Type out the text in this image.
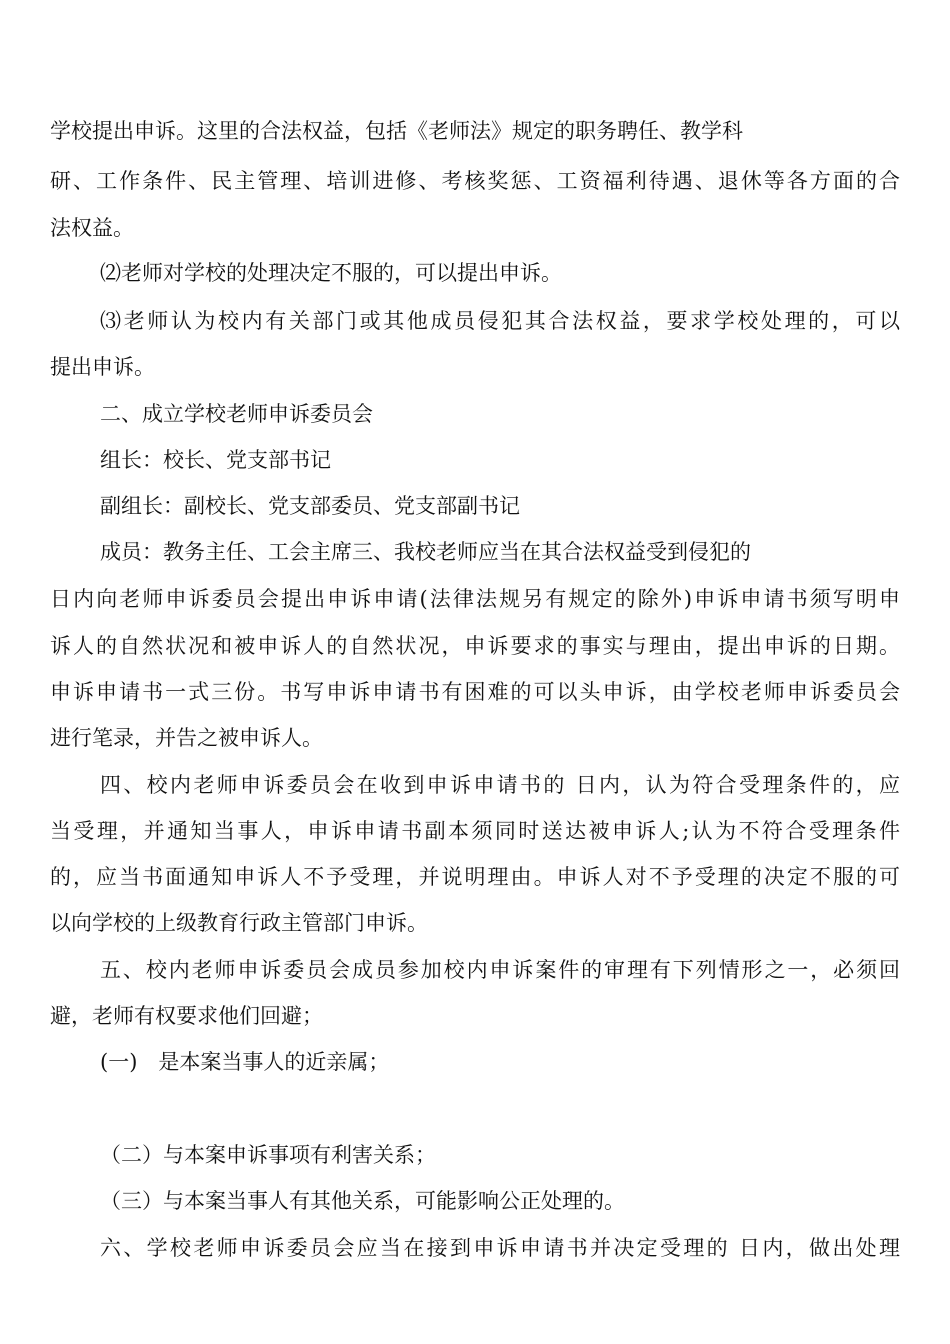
学校提出申诉。这里的合法权益，包括《老师法》规定的职务聘任、教学科
研、工作条件、民主管理、培训进修、考核奖惩、工资福利待遇、退休等各方面的合
法权益。
⑵老师对学校的处理决定不服的，可以提出申诉。
⑶老师认为校内有关部门或其他成员侵犯其合法权益，要求学校处理的，可以
提出申诉。
二、成立学校老师申诉委员会
组长：校长、党支部书记
副组长：副校长、党支部委员、党支部副书记
成员：教务主任、工会主席三、我校老师应当在其合法权益受到侵犯的
日内向老师申诉委员会提出申诉申请(法律法规另有规定的除外)申诉申请书须写明申
诉人的自然状况和被申诉人的自然状况，申诉要求的事实与理由，提出申诉的日期。
申诉申请书一式三份。书写申诉申请书有困难的可以头申诉，由学校老师申诉委员会
进行笔录，并告之被申诉人。
四、校内老师申诉委员会在收到申诉申请书的 日内，认为符合受理条件的，应
当受理，并通知当事人，申诉申请书副本须同时送达被申诉人;认为不符合受理条件
的，应当书面通知申诉人不予受理，并说明理由。申诉人对不予受理的决定不服的可
以向学校的上级教育行政主管部门申诉。
五、校内老师申诉委员会成员参加校内申诉案件的审理有下列情形之一，必须回
避，老师有权要求他们回避；
(一)　是本案当事人的近亲属；
（二）与本案申诉事项有利害关系；
（三）与本案当事人有其他关系，可能影响公正处理的。
六、学校老师申诉委员会应当在接到申诉申请书并决定受理的 日内，做出处理
